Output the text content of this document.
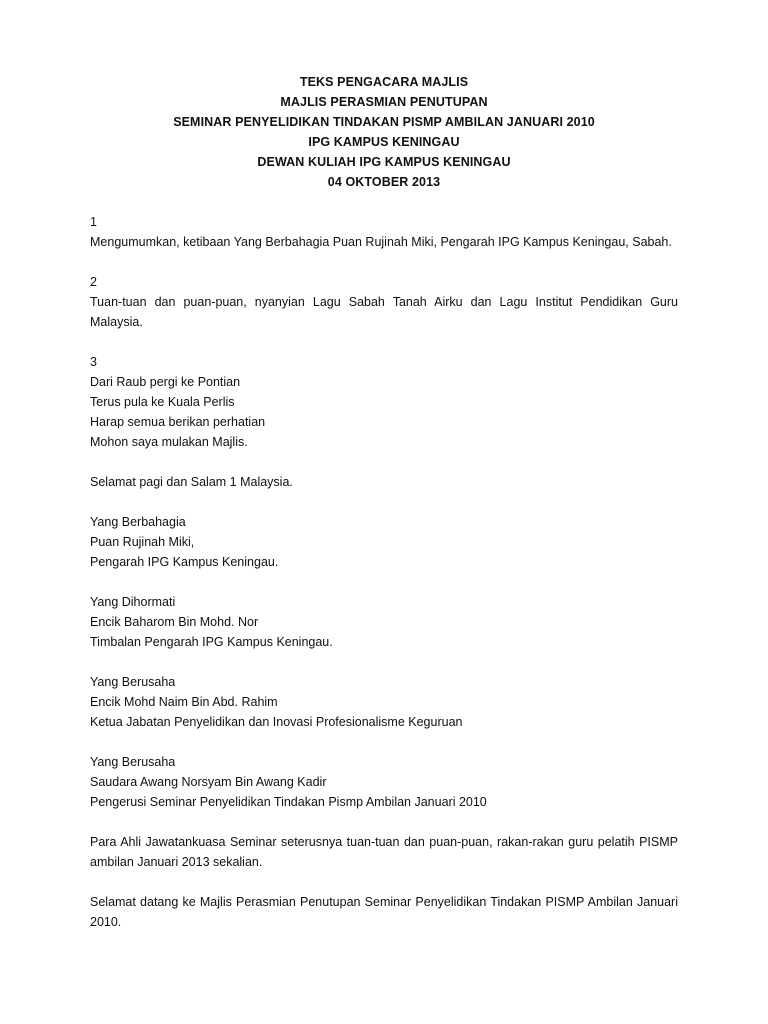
TEKS PENGACARA MAJLIS
MAJLIS PERASMIAN PENUTUPAN
SEMINAR PENYELIDIKAN TINDAKAN PISMP AMBILAN JANUARI 2010
IPG KAMPUS KENINGAU
DEWAN KULIAH IPG KAMPUS KENINGAU
04 OKTOBER 2013
1
Mengumumkan, ketibaan Yang Berbahagia Puan Rujinah Miki, Pengarah IPG Kampus Keningau, Sabah.
2
Tuan-tuan dan puan-puan, nyanyian Lagu Sabah Tanah Airku dan Lagu Institut Pendidikan Guru Malaysia.
3
Dari Raub pergi ke Pontian
Terus pula ke Kuala Perlis
Harap semua berikan perhatian
Mohon saya mulakan Majlis.
Selamat pagi dan Salam 1 Malaysia.
Yang Berbahagia
Puan Rujinah Miki,
Pengarah IPG Kampus Keningau.
Yang Dihormati
Encik Baharom Bin Mohd. Nor
Timbalan Pengarah IPG Kampus Keningau.
Yang Berusaha
Encik Mohd Naim Bin Abd. Rahim
Ketua Jabatan Penyelidikan dan Inovasi Profesionalisme Keguruan
Yang Berusaha
Saudara Awang Norsyam Bin Awang Kadir
Pengerusi Seminar Penyelidikan Tindakan Pismp Ambilan Januari 2010
Para Ahli Jawatankuasa Seminar seterusnya tuan-tuan dan puan-puan, rakan-rakan guru pelatih PISMP ambilan Januari 2013 sekalian.
Selamat datang ke Majlis Perasmian Penutupan Seminar Penyelidikan Tindakan PISMP Ambilan Januari 2010.
